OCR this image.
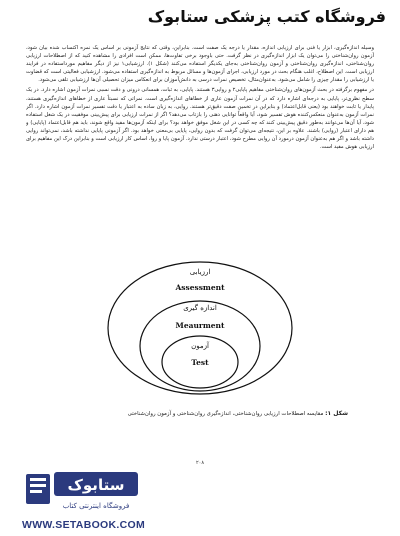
فروشگاه کتب پزشکی ستابوک

وسیله اندازه‌گیری، ابزار یا فنی برای ارزیابی اندازه، مقدار یا درجه یک صفت است. بنابراین، وقتی که نتایج آزمونی بر اساس یک نمره اکتساب شده بیان شود، آزمون روان‌شناختی را می‌توان یک ابزار اندازه‌گیری در نظر گرفت. حتی باوجود برخی تفاوت‌ها، ممکن است افرادی را مشاهده کنید که از اصطلاحات ارزیابی روان‌شناختی، اندازه‌گیری روان‌شناختی و آزمون روان‌شناختی به‌جای یکدیگر استفاده می‌کنند (شکل ۱). ارزشیابی۱ نیز از دیگر مفاهیم مورداستفاده در فرایند ارزیابی است. این اصطلاح، اغلب هنگام بحث در مورد ارزیابی، اجرای آزمون‌ها و مسائل مربوط به اندازه‌گیری استفاده می‌شود. ارزشیابی فعالیتی است که قضاوت یا ارزشیابی را مقدار چیزی را شامل می‌شود. به‌عنوان‌مثال، تخصیص نمرات درسی به دانش‌آموزان برای انعکاس میزان تحصیلی آن‌ها ارزشیابی تلقی می‌شود.

در مفهوم برگرفته در بحث آزمون‌های روان‌شناختی مفاهیم پایایی۲ و روایی۳ هستند. پایایی، به ثبات، همسانی درونی و دقت نسبی نمرات آزمون اشاره دارد. در یک سطح نظری‌تر، پایایی به درجه‌ای اشاره دارد که در آن نمرات آزمون عاری از خطاهای اندازه‌گیری است. نمراتی که نسبتاً عاری از خطاهای اندازه‌گیری هستند، پایدار یا ثابت خواهند بود (یعنی قابل‌اعتماد) و بنابراین در تخمین صفت دقیق‌تر هستند. روایی، به زبان ساده به اعتبار یا دقت تفسیر نمرات آزمون اشاره دارد. اگر نمرات آزمون به‌عنوان منعکس‌کننده هوش تفسیر شود، آیا واقعاً توانایی ذهنی را بازتاب می‌دهد؟ اگر از نمرات ارزیابی برای پیش‌بینی موفقیت در یک شغل استفاده شود، آیا آن‌ها می‌توانند به‌طور دقیق پیش‌بینی کنند که چه کسی در این شغل موفق خواهد بود؟ برای اینکه آزمون‌ها مفید واقع شوند، باید هم قابل‌اعتماد (پایایی) و هم دارای اعتبار (روایی) باشند. علاوه بر این، نتیجه‌ای می‌توان گرفت که بدون روایی، پایایی بی‌معنی خواهد بود. اگر آزمونی پایایی نداشته باشد، نمی‌تواند روایی داشته باشد و اگر هم به‌عنوان آزمون درمورد آن روایی مطرح شود، اعتبار درستی ندارد. آزمون پایا و روا، اساس کار ارزیابی است و بنابراین درک این مفاهیم برای ارزیابی هوش مفید است.

ارزیابی
Assessment
اندازه گیری
Meaurment
آزمون
Test
شکل ۱: مقایسه اصطلاحات ارزیابی روان‌شناختی، اندازه‌گیری روان‌شناختی و آزمون روان‌شناختی
۲۰۸
ستابوک
فروشگاه اینترنتی کتاب
WWW.SETABOOK.COM
